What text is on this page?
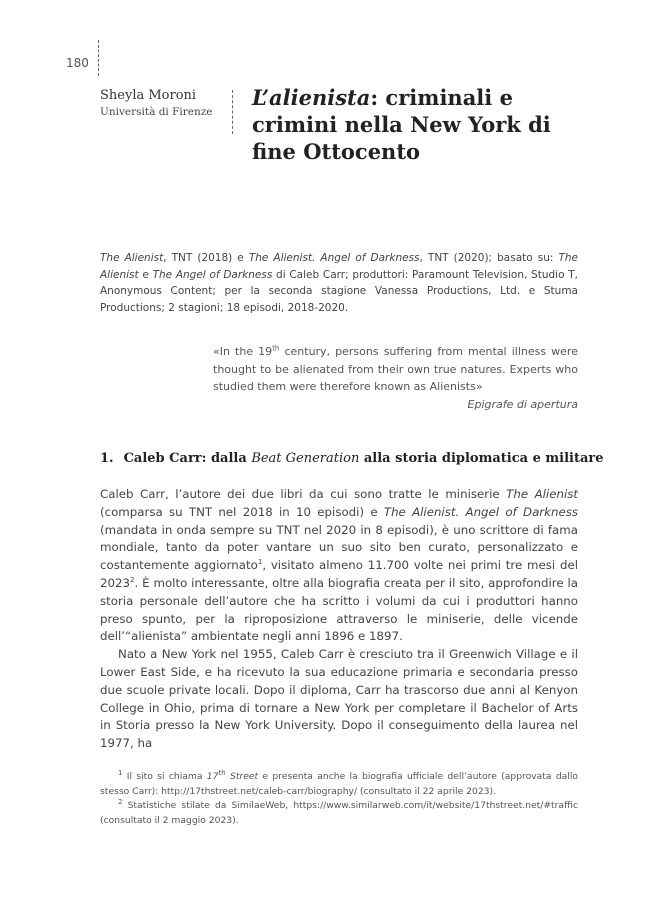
180
Sheyla Moroni
Università di Firenze
L’alienista: criminali e crimini nella New York di fine Ottocento

The Alienist, TNT (2018) e The Alienist. Angel of Darkness, TNT (2020); basato su: The Alienist e The Angel of Darkness di Caleb Carr; produttori: Paramount Television, Studio T, Anonymous Content; per la seconda stagione Vanessa Productions, Ltd. e Stuma Productions; 2 stagioni; 18 episodi, 2018-2020.

«In the 19th century, persons suffering from mental illness were thought to be alienated from their own true natures. Experts who studied them were therefore known as Alienists»

Epigrafe di apertura
1. Caleb Carr: dalla Beat Generation alla storia diplomatica e militare

Caleb Carr, l’autore dei due libri da cui sono tratte le miniserie The Alienist (comparsa su TNT nel 2018 in 10 episodi) e The Alienist. Angel of Darkness (mandata in onda sempre su TNT nel 2020 in 8 episodi), è uno scrittore di fama mondiale, tanto da poter vantare un suo sito ben curato, personalizzato e costantemente aggiornato$^1$, visitato almeno 11.700 volte nei primi tre mesi del 2023$^2$. È molto interessante, oltre alla biografia creata per il sito, approfondire la storia personale dell’autore che ha scritto i volumi da cui i produttori hanno preso spunto, per la riproposizione attraverso le miniserie, delle vicende dell’“alienista” ambientate negli anni 1896 e 1897.

Nato a New York nel 1955, Caleb Carr è cresciuto tra il Greenwich Village e il Lower East Side, e ha ricevuto la sua educazione primaria e secondaria presso due scuole private locali. Dopo il diploma, Carr ha trascorso due anni al Kenyon College in Ohio, prima di tornare a New York per completare il Bachelor of Arts in Storia presso la New York University. Dopo il conseguimento della laurea nel 1977, ha

$^1$ Il sito si chiama 17th Street e presenta anche la biografia ufficiale dell’autore (approvata dallo stesso Carr): http://17thstreet.net/caleb-carr/biography/ (consultato il 22 aprile 2023).

$^2$ Statistiche stilate da SimilaeWeb, https://www.similarweb.com/it/website/17thstreet.net/#traffic (consultato il 2 maggio 2023).
